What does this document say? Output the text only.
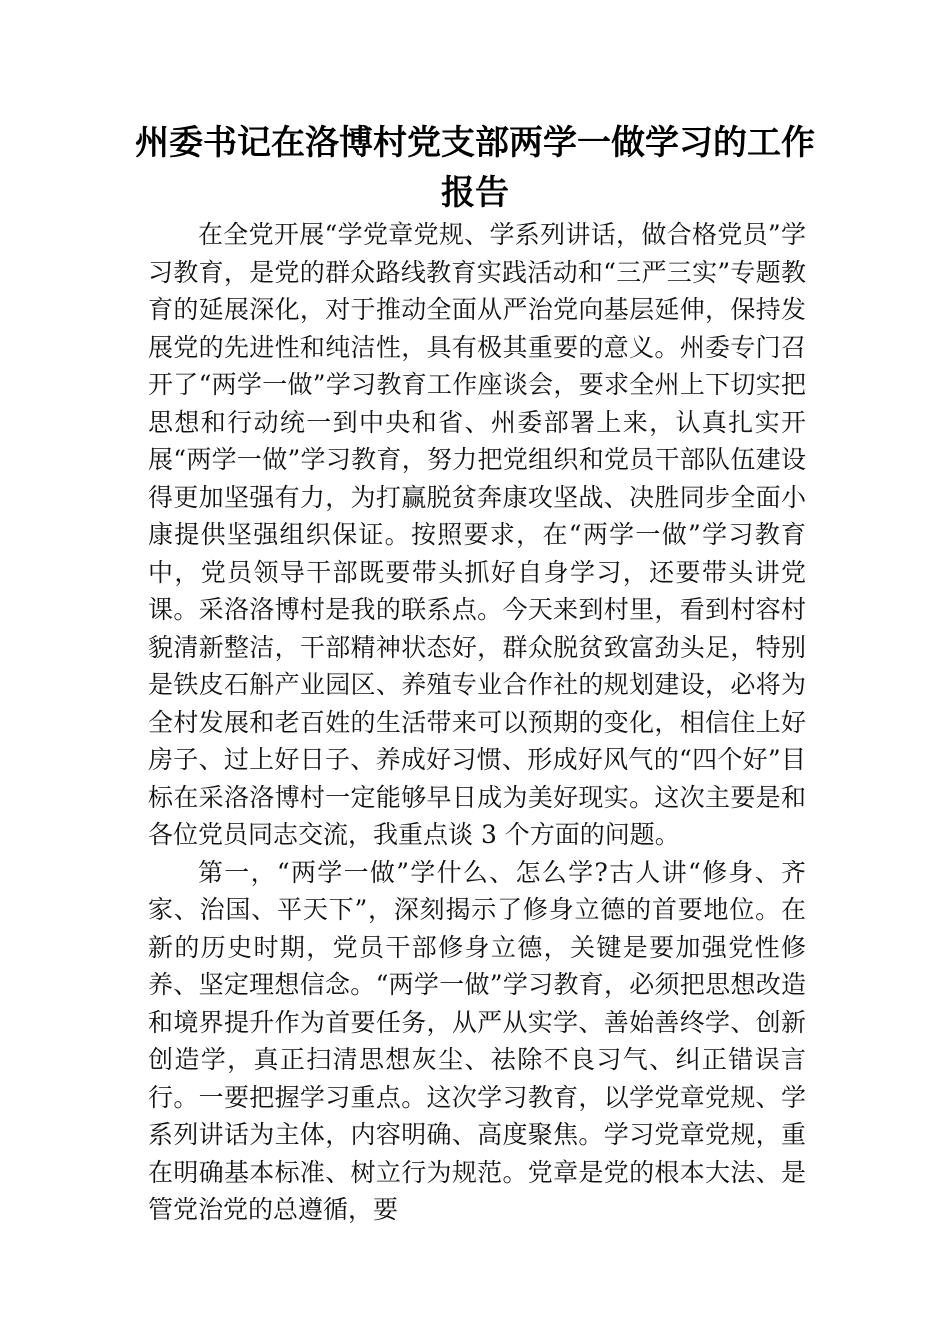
州委书记在洛博村党支部两学一做学习的工作报告

在全党开展“学党章党规、学系列讲话，做合格党员”学习教育，是党的群众路线教育实践活动和“三严三实”专题教育的延展深化，对于推动全面从严治党向基层延伸，保持发展党的先进性和纯洁性，具有极其重要的意义。州委专门召开了“两学一做”学习教育工作座谈会，要求全州上下切实把思想和行动统一到中央和省、州委部署上来，认真扎实开展“两学一做”学习教育，努力把党组织和党员干部队伍建设得更加坚强有力，为打赢脱贫奔康攻坚战、决胜同步全面小康提供坚强组织保证。按照要求，在“两学一做”学习教育中，党员领导干部既要带头抓好自身学习，还要带头讲党课。采洛洛博村是我的联系点。今天来到村里，看到村容村貌清新整洁，干部精神状态好，群众脱贫致富劲头足，特别是铁皮石斛产业园区、养殖专业合作社的规划建设，必将为全村发展和老百姓的生活带来可以预期的变化，相信住上好房子、过上好日子、养成好习惯、形成好风气的“四个好”目标在采洛洛博村一定能够早日成为美好现实。这次主要是和各位党员同志交流，我重点谈 3 个方面的问题。

第一，“两学一做”学什么、怎么学?古人讲“修身、齐家、治国、平天下”，深刻揭示了修身立德的首要地位。在新的历史时期，党员干部修身立德，关键是要加强党性修养、坚定理想信念。“两学一做”学习教育，必须把思想改造和境界提升作为首要任务，从严从实学、善始善终学、创新创造学，真正扫清思想灰尘、祛除不良习气、纠正错误言行。一要把握学习重点。这次学习教育，以学党章党规、学系列讲话为主体，内容明确、高度聚焦。学习党章党规，重在明确基本标准、树立行为规范。党章是党的根本大法、是管党治党的总遵循，要
